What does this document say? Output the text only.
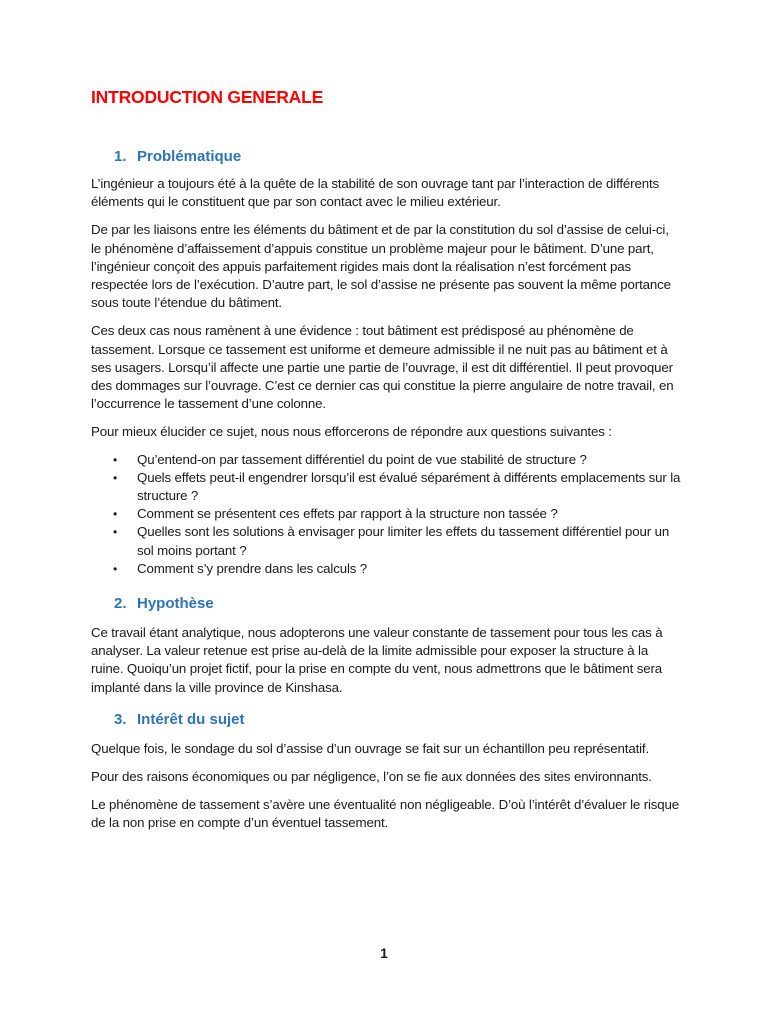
INTRODUCTION GENERALE
1. Problématique

L’ingénieur a toujours été à la quête de la stabilité de son ouvrage tant par l’interaction de différents éléments qui le constituent que par son contact avec le milieu extérieur.

De par les liaisons entre les éléments du bâtiment et de par la constitution du sol d’assise de celui-ci, le phénomène d’affaissement d’appuis constitue un problème majeur pour le bâtiment. D’une part, l’ingénieur conçoit des appuis parfaitement rigides mais dont la réalisation n’est forcément pas respectée lors de l’exécution. D’autre part, le sol d’assise ne présente pas souvent la même portance sous toute l’étendue du bâtiment.

Ces deux cas nous ramènent à une évidence : tout bâtiment est prédisposé au phénomène de tassement. Lorsque ce tassement est uniforme et demeure admissible il ne nuit pas au bâtiment et à ses usagers. Lorsqu’il affecte une partie une partie de l’ouvrage, il est dit différentiel. Il peut provoquer des dommages sur l’ouvrage. C’est ce dernier cas qui constitue la pierre angulaire de notre travail, en l’occurrence le tassement d’une colonne.

Pour mieux élucider ce sujet, nous nous efforcerons de répondre aux questions suivantes :

• Qu’entend-on par tassement différentiel du point de vue stabilité de structure ?
• Quels effets peut-il engendrer lorsqu’il est évalué séparément à différents emplacements sur la structure ?
• Comment se présentent ces effets par rapport à la structure non tassée ?
• Quelles sont les solutions à envisager pour limiter les effets du tassement différentiel pour un sol moins portant ?
• Comment s’y prendre dans les calculs ?
2. Hypothèse

Ce travail étant analytique, nous adopterons une valeur constante de tassement pour tous les cas à analyser. La valeur retenue est prise au-delà de la limite admissible pour exposer la structure à la ruine. Quoiqu’un projet fictif, pour la prise en compte du vent, nous admettrons que le bâtiment sera implanté dans la ville province de Kinshasa.

3. Intérêt du sujet

Quelque fois, le sondage du sol d’assise d’un ouvrage se fait sur un échantillon peu représentatif.

Pour des raisons économiques ou par négligence, l’on se fie aux données des sites environnants.

Le phénomène de tassement s’avère une éventualité non négligeable. D’où l’intérêt d’évaluer le risque de la non prise en compte d’un éventuel tassement.

1
